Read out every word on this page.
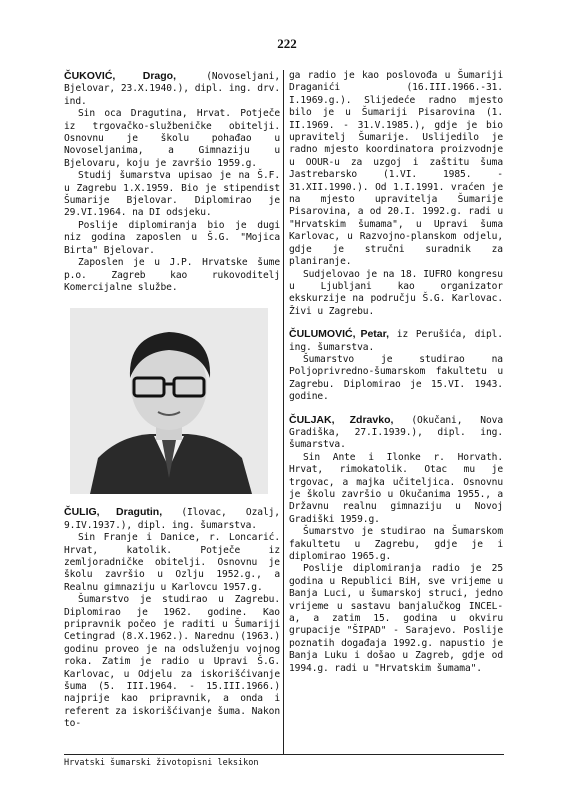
222

ČUKOVIĆ, Drago,	(Novoseljani, Bjelovar, 23.X.1940.), dipl. ing. drv. ind.

Sin oca Dragutina, Hrvat. Potječe iz trgovačko-službeničke obitelji. Osnovnu je školu pohađao u Novoseljanima, a Gimnaziju u Bjelovaru, koju je završio 1959.g.

Studij šumarstva upisao je na Š.F. u Zagrebu 1.X.1959. Bio je stipendist Šumarije Bjelovar. Diplomirao je 29.VI.1964. na DI odsjeku.

Poslije diplomiranja bio je dugi niz godina zaposlen u Š.G. "Mojica Birta" Bjelovar.

Zaposlen je u J.P. Hrvatske šume p.o. Zagreb kao rukovoditelj Komercijalne službe.

ČULIG, Dragutin, (Ilovac, Ozalj, 9.IV.1937.), dipl. ing. šumarstva.

Sin Franje i Danice, r. Loncarić. Hrvat, katolik. Potječe iz zemljoradničke obitelji. Osnovnu je školu završio u Ozlju 1952.g., a Realnu gimnaziju u Karlovcu 1957.g.

Šumarstvo je studirao u Zagrebu. Diplomirao je 1962. godine. Kao pripravnik počeo je raditi u Šumariji Cetingrad (8.X.1962.). Narednu (1963.) godinu proveo je na odsluženju vojnog roka. Zatim je radio u Upravi Š.G. Karlovac, u Odjelu za iskorišćivanje šuma (5. III.1964. - 15.III.1966.) najprije kao pripravnik, a onda i referent za iskorišćivanje šuma. Nakon to-

ga radio je kao poslovođa u Šumariji Draganići (16.III.1966.-31. I.1969.g.). Slijedeće radno mjesto bilo je u Šumariji Pisarovina (1. II.1969. - 31.V.1985.), gdje je bio upravitelj Šumarije. Uslijedilo je radno mjesto koordinatora proizvodnje u OOUR-u za uzgoj i zaštitu šuma Jastrebarsko (1.VI. 1985. - 31.XII.1990.). Od 1.I.1991. vraćen je na mjesto upravitelja Šumarije Pisarovina, a od 20.I. 1992.g. radi u "Hrvatskim šumama", u Upravi šuma Karlovac, u Razvojno-planskom odjelu, gdje je stručni suradnik za planiranje.

Sudjelovao je na 18. IUFRO kongresu u Ljubljani kao organizator ekskurzije na području Š.G. Karlovac. Živi u Zagrebu.

ČULUMOVIĆ, Petar, iz Perušića, dipl. ing. šumarstva.

Šumarstvo je studirao na Poljoprivredno-šumarskom fakultetu u Zagrebu. Diplomirao je 15.VI. 1943. godine.

ČULJAK, Zdravko, (Okučani, Nova Gradiška, 27.I.1939.), dipl. ing. šumarstva.

Sin Ante i Ilonke r. Horvath. Hrvat, rimokatolik. Otac mu je trgovac, a majka učiteljica. Osnovnu je školu završio u Okučanima 1955., a Državnu realnu gimnaziju u Novoj Gradiški 1959.g.

Šumarstvo je studirao na Šumarskom fakultetu u Zagrebu, gdje je i diplomirao 1965.g.

Poslije diplomiranja radio je 25 godina u Republici BiH, sve vrijeme u Banja Luci, u šumarskoj struci, jedno vrijeme u sastavu banjalučkog INCEL-a, a zatim 15. godina u okviru grupacije "ŠIPAD" - Sarajevo. Poslije poznatih događaja 1992.g. napustio je Banja Luku i došao u Zagreb, gdje od 1994.g. radi u "Hrvatskim šumama".

Hrvatski šumarski životopisni leksikon
